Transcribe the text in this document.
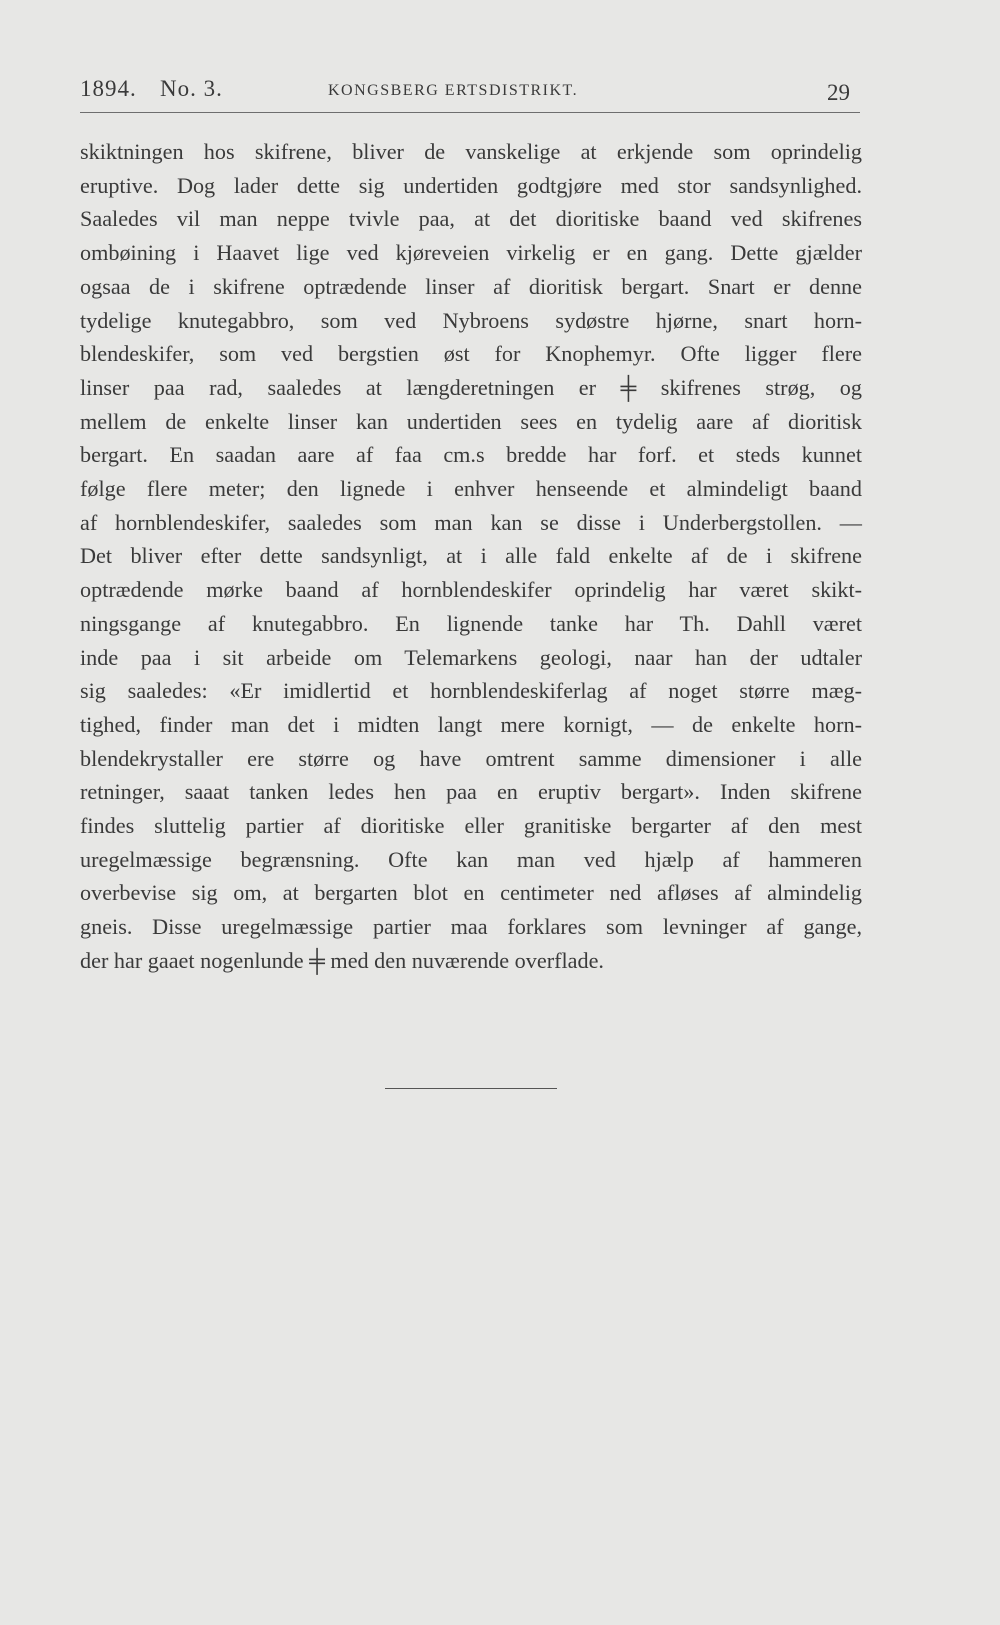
1894. No. 3.	KONGSBERG ERTSDISTRIKT.	29
skiktningen hos skifrene, bliver de vanskelige at erkjende som oprindelig
eruptive. Dog lader dette sig undertiden godtgjøre med stor sandsynlighed.
Saaledes vil man neppe tvivle paa, at det dioritiske baand ved skifrenes
ombøining i Haavet lige ved kjøreveien virkelig er en gang. Dette gjælder
ogsaa de i skifrene optrædende linser af dioritisk bergart. Snart er denne
tydelige knutegabbro, som ved Nybroens sydøstre hjørne, snart horn-
blendeskifer, som ved bergstien øst for Knophemyr. Ofte ligger flere
linser paa rad, saaledes at længderetningen er ╪ skifrenes strøg, og
mellem de enkelte linser kan undertiden sees en tydelig aare af dioritisk
bergart. En saadan aare af faa cm.s bredde har forf. et steds kunnet
følge flere meter; den lignede i enhver henseende et almindeligt baand
af hornblendeskifer, saaledes som man kan se disse i Underbergstollen. —
Det bliver efter dette sandsynligt, at i alle fald enkelte af de i skifrene
optrædende mørke baand af hornblendeskifer oprindelig har været skikt-
ningsgange af knutegabbro. En lignende tanke har Th. Dahll været
inde paa i sit arbeide om Telemarkens geologi, naar han der udtaler
sig saaledes: «Er imidlertid et hornblendeskiferlag af noget større mæg-
tighed, finder man det i midten langt mere kornigt, — de enkelte horn-
blendekrystaller ere større og have omtrent samme dimensioner i alle
retninger, saaat tanken ledes hen paa en eruptiv bergart». Inden skifrene
findes sluttelig partier af dioritiske eller granitiske bergarter af den mest
uregelmæssige begrænsning. Ofte kan man ved hjælp af hammeren
overbevise sig om, at bergarten blot en centimeter ned afløses af almindelig
gneis. Disse uregelmæssige partier maa forklares som levninger af gange,
der har gaaet nogenlunde ╪ med den nuværende overflade.
